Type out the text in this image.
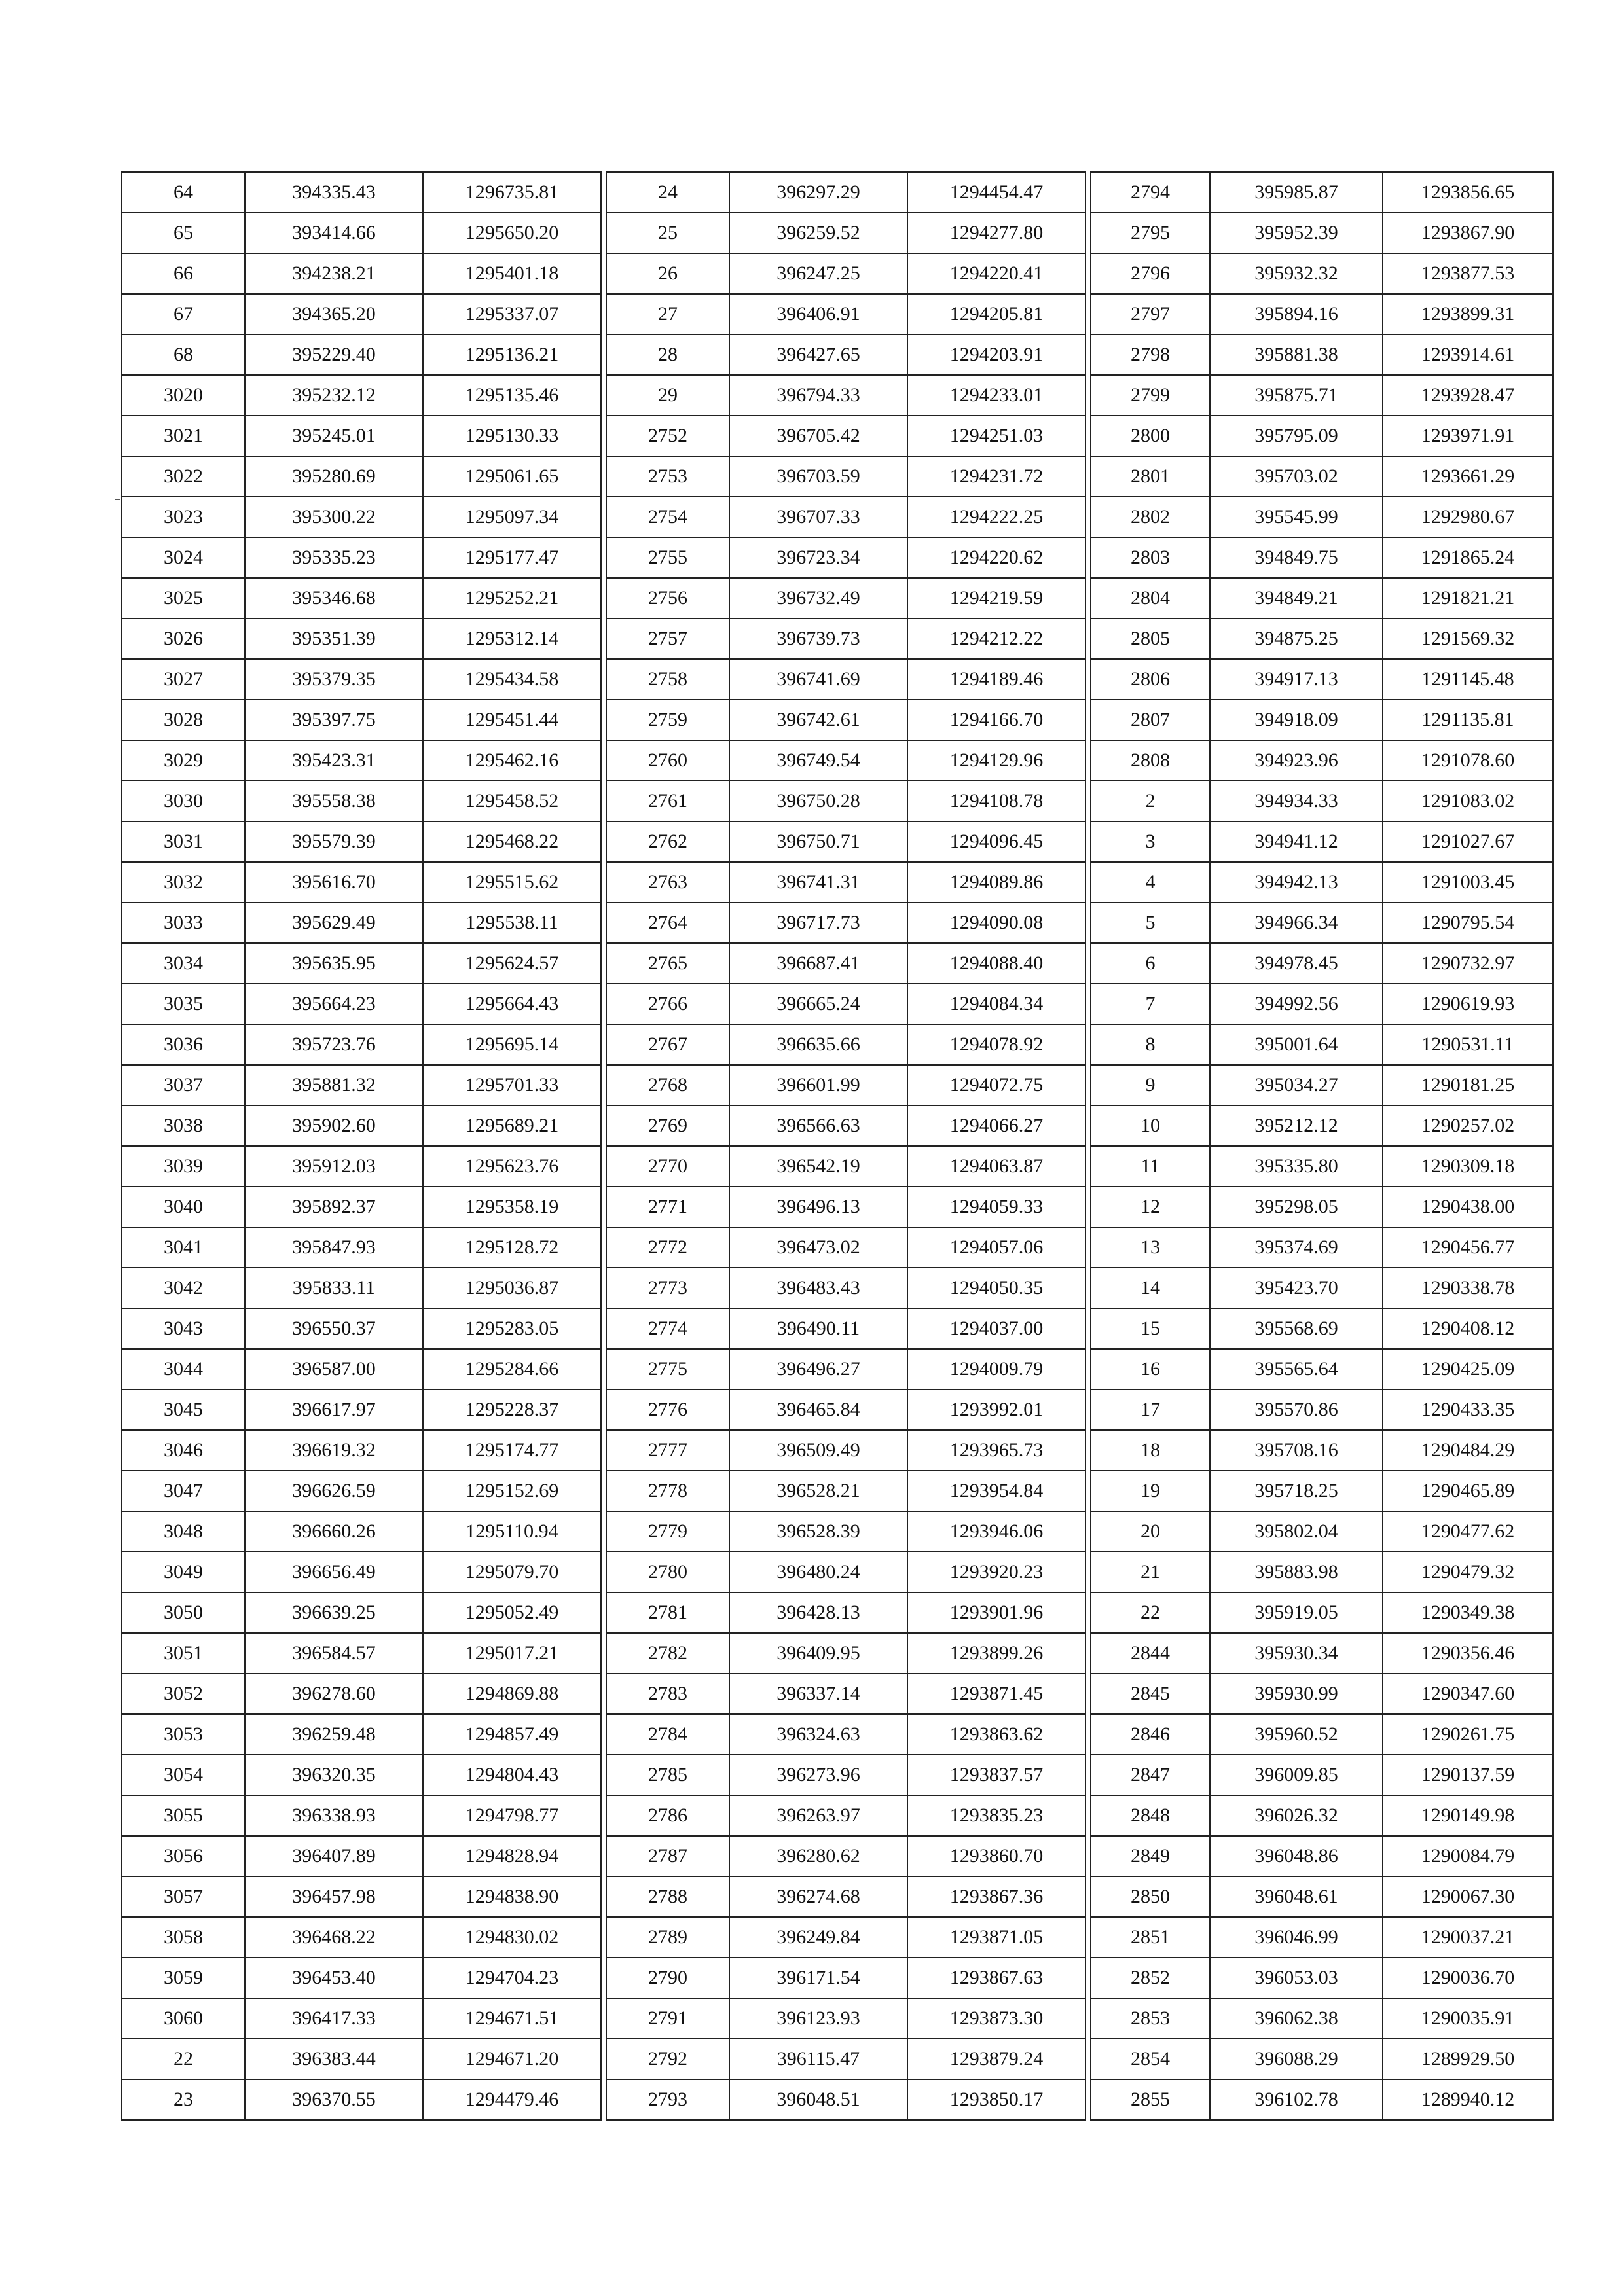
64	394335.43	1296735.81
65	393414.66	1295650.20
66	394238.21	1295401.18
67	394365.20	1295337.07
68	395229.40	1295136.21
3020	395232.12	1295135.46
3021	395245.01	1295130.33
3022	395280.69	1295061.65
3023	395300.22	1295097.34
3024	395335.23	1295177.47
3025	395346.68	1295252.21
3026	395351.39	1295312.14
3027	395379.35	1295434.58
3028	395397.75	1295451.44
3029	395423.31	1295462.16
3030	395558.38	1295458.52
3031	395579.39	1295468.22
3032	395616.70	1295515.62
3033	395629.49	1295538.11
3034	395635.95	1295624.57
3035	395664.23	1295664.43
3036	395723.76	1295695.14
3037	395881.32	1295701.33
3038	395902.60	1295689.21
3039	395912.03	1295623.76
3040	395892.37	1295358.19
3041	395847.93	1295128.72
3042	395833.11	1295036.87
3043	396550.37	1295283.05
3044	396587.00	1295284.66
3045	396617.97	1295228.37
3046	396619.32	1295174.77
3047	396626.59	1295152.69
3048	396660.26	1295110.94
3049	396656.49	1295079.70
3050	396639.25	1295052.49
3051	396584.57	1295017.21
3052	396278.60	1294869.88
3053	396259.48	1294857.49
3054	396320.35	1294804.43
3055	396338.93	1294798.77
3056	396407.89	1294828.94
3057	396457.98	1294838.90
3058	396468.22	1294830.02
3059	396453.40	1294704.23
3060	396417.33	1294671.51
22	396383.44	1294671.20
23	396370.55	1294479.46
24	396297.29	1294454.47
25	396259.52	1294277.80
26	396247.25	1294220.41
27	396406.91	1294205.81
28	396427.65	1294203.91
29	396794.33	1294233.01
2752	396705.42	1294251.03
2753	396703.59	1294231.72
2754	396707.33	1294222.25
2755	396723.34	1294220.62
2756	396732.49	1294219.59
2757	396739.73	1294212.22
2758	396741.69	1294189.46
2759	396742.61	1294166.70
2760	396749.54	1294129.96
2761	396750.28	1294108.78
2762	396750.71	1294096.45
2763	396741.31	1294089.86
2764	396717.73	1294090.08
2765	396687.41	1294088.40
2766	396665.24	1294084.34
2767	396635.66	1294078.92
2768	396601.99	1294072.75
2769	396566.63	1294066.27
2770	396542.19	1294063.87
2771	396496.13	1294059.33
2772	396473.02	1294057.06
2773	396483.43	1294050.35
2774	396490.11	1294037.00
2775	396496.27	1294009.79
2776	396465.84	1293992.01
2777	396509.49	1293965.73
2778	396528.21	1293954.84
2779	396528.39	1293946.06
2780	396480.24	1293920.23
2781	396428.13	1293901.96
2782	396409.95	1293899.26
2783	396337.14	1293871.45
2784	396324.63	1293863.62
2785	396273.96	1293837.57
2786	396263.97	1293835.23
2787	396280.62	1293860.70
2788	396274.68	1293867.36
2789	396249.84	1293871.05
2790	396171.54	1293867.63
2791	396123.93	1293873.30
2792	396115.47	1293879.24
2793	396048.51	1293850.17
2794	395985.87	1293856.65
2795	395952.39	1293867.90
2796	395932.32	1293877.53
2797	395894.16	1293899.31
2798	395881.38	1293914.61
2799	395875.71	1293928.47
2800	395795.09	1293971.91
2801	395703.02	1293661.29
2802	395545.99	1292980.67
2803	394849.75	1291865.24
2804	394849.21	1291821.21
2805	394875.25	1291569.32
2806	394917.13	1291145.48
2807	394918.09	1291135.81
2808	394923.96	1291078.60
2	394934.33	1291083.02
3	394941.12	1291027.67
4	394942.13	1291003.45
5	394966.34	1290795.54
6	394978.45	1290732.97
7	394992.56	1290619.93
8	395001.64	1290531.11
9	395034.27	1290181.25
10	395212.12	1290257.02
11	395335.80	1290309.18
12	395298.05	1290438.00
13	395374.69	1290456.77
14	395423.70	1290338.78
15	395568.69	1290408.12
16	395565.64	1290425.09
17	395570.86	1290433.35
18	395708.16	1290484.29
19	395718.25	1290465.89
20	395802.04	1290477.62
21	395883.98	1290479.32
22	395919.05	1290349.38
2844	395930.34	1290356.46
2845	395930.99	1290347.60
2846	395960.52	1290261.75
2847	396009.85	1290137.59
2848	396026.32	1290149.98
2849	396048.86	1290084.79
2850	396048.61	1290067.30
2851	396046.99	1290037.21
2852	396053.03	1290036.70
2853	396062.38	1290035.91
2854	396088.29	1289929.50
2855	396102.78	1289940.12
